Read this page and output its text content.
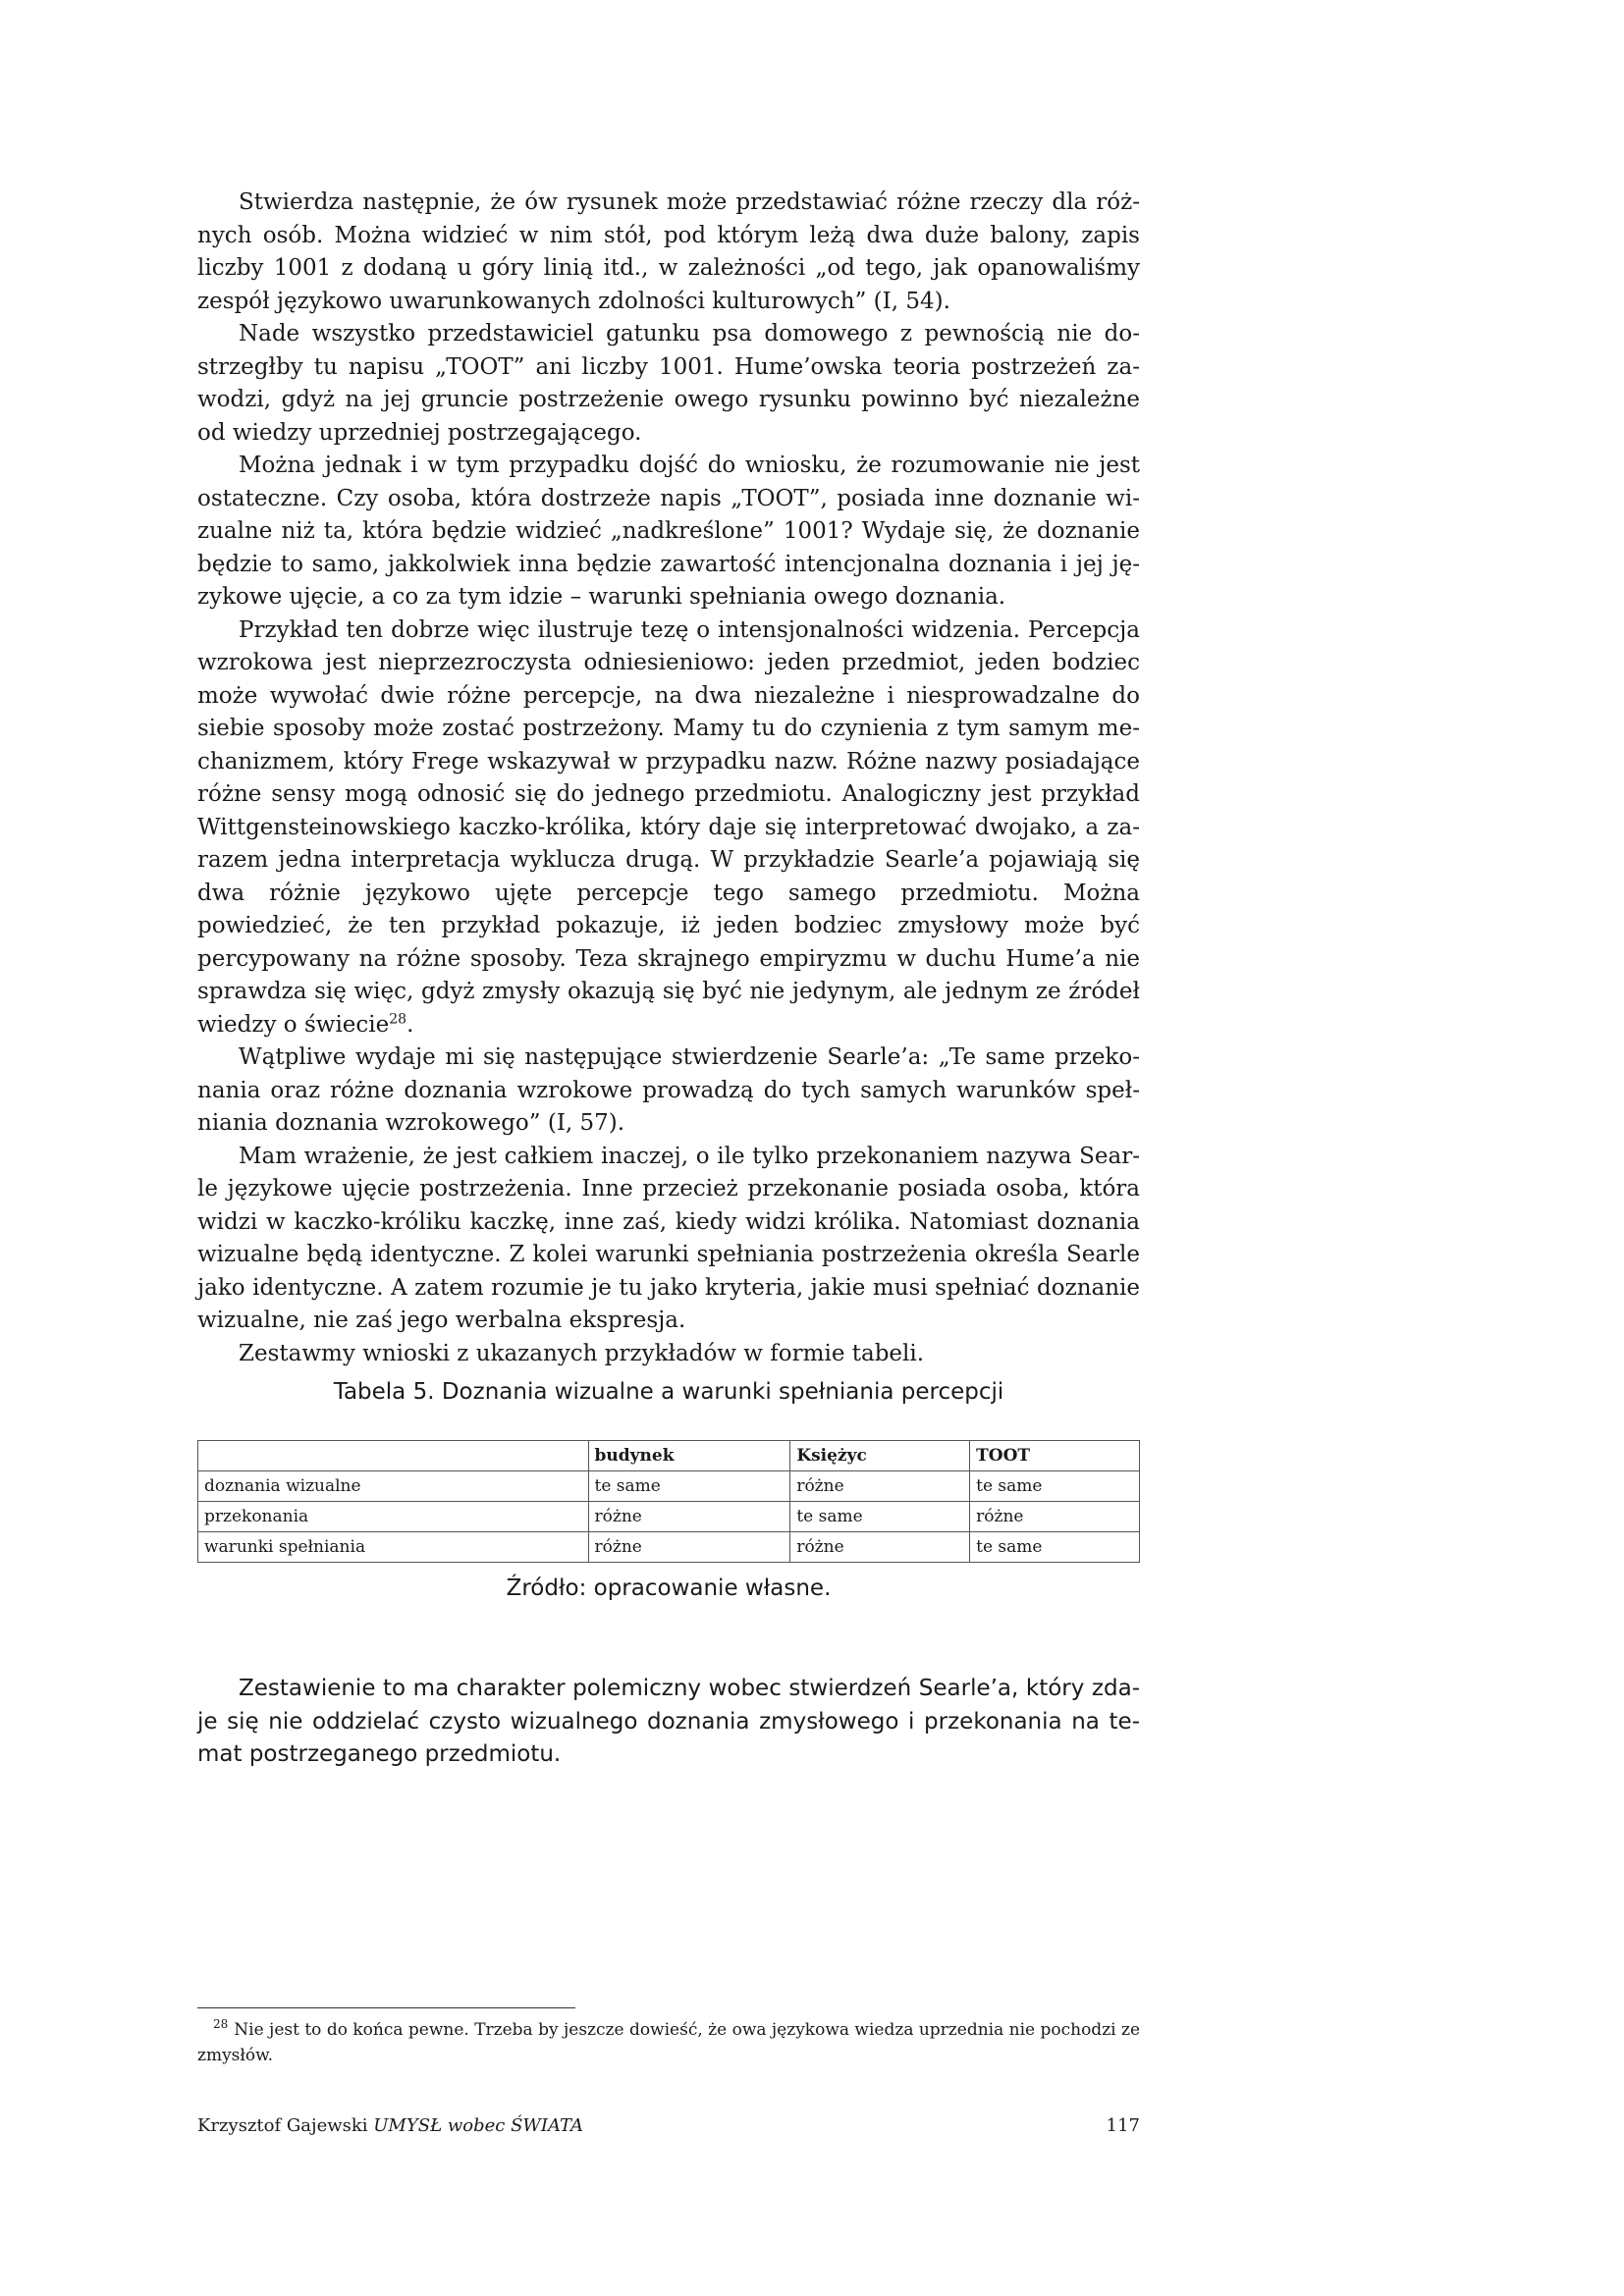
Stwierdza następnie, że ów rysunek może przedstawiać różne rzeczy dla różnych osób. Można widzieć w nim stół, pod którym leżą dwa duże balony, zapis liczby 1001 z dodaną u góry linią itd., w zależności „od tego, jak opanowaliśmy zespół językowo uwarunkowanych zdolności kulturowych” (I, 54).

Nade wszystko przedstawiciel gatunku psa domowego z pewnością nie dostrzegłby tu napisu „TOOT” ani liczby 1001. Hume’owska teoria postrzeżeń zawodzi, gdyż na jej gruncie postrzeżenie owego rysunku powinno być niezależne od wiedzy uprzedniej postrzegającego.

Można jednak i w tym przypadku dojść do wniosku, że rozumowanie nie jest ostateczne. Czy osoba, która dostrzeże napis „TOOT”, posiada inne doznanie wizualne niż ta, która będzie widzieć „nadkreślone” 1001? Wydaje się, że doznanie będzie to samo, jakkolwiek inna będzie zawartość intencjonalna doznania i jej językowe ujęcie, a co za tym idzie – warunki spełniania owego doznania.

Przykład ten dobrze więc ilustruje tezę o intensjonalności widzenia. Percepcja wzrokowa jest nieprzezroczysta odniesieniowo: jeden przedmiot, jeden bodziec może wywołać dwie różne percepcje, na dwa niezależne i niesprowadzalne do siebie sposoby może zostać postrzeżony. Mamy tu do czynienia z tym samym mechanizmem, który Frege wskazywał w przypadku nazw. Różne nazwy posiadające różne sensy mogą odnosić się do jednego przedmiotu. Analogiczny jest przykład Wittgensteinowskiego kaczko-królika, który daje się interpretować dwojako, a zarazem jedna interpretacja wyklucza drugą. W przykładzie Searle’a pojawiają się dwa różnie językowo ujęte percepcje tego samego przedmiotu. Można powiedzieć, że ten przykład pokazuje, iż jeden bodziec zmysłowy może być percypowany na różne sposoby. Teza skrajnego empiryzmu w duchu Hume’a nie sprawdza się więc, gdyż zmysły okazują się być nie jedynym, ale jednym ze źródeł wiedzy o świecie$^{28}$.

Wątpliwe wydaje mi się następujące stwierdzenie Searle’a: „Te same przekonania oraz różne doznania wzrokowe prowadzą do tych samych warunków spełniania doznania wzrokowego” (I, 57).

Mam wrażenie, że jest całkiem inaczej, o ile tylko przekonaniem nazywa Searle językowe ujęcie postrzeżenia. Inne przecież przekonanie posiada osoba, która widzi w kaczko-króliku kaczkę, inne zaś, kiedy widzi królika. Natomiast doznania wizualne będą identyczne. Z kolei warunki spełniania postrzeżenia określa Searle jako identyczne. A zatem rozumie je tu jako kryteria, jakie musi spełniać doznanie wizualne, nie zaś jego werbalna ekspresja.

Zestawmy wnioski z ukazanych przykładów w formie tabeli.

Tabela 5. Doznania wizualne a warunki spełniania percepcji
	budynek	Księżyc	TOOT
doznania wizualne	te same	różne	te same
przekonania	różne	te same	różne
warunki spełniania	różne	różne	te same
Źródło: opracowanie własne.

Zestawienie to ma charakter polemiczny wobec stwierdzeń Searle’a, który zdaje się nie oddzielać czysto wizualnego doznania zmysłowego i przekonania na temat postrzeganego przedmiotu.

$^{28}$ Nie jest to do końca pewne. Trzeba by jeszcze dowieść, że owa językowa wiedza uprzednia nie pochodzi ze zmysłów.
Krzysztof Gajewski UMYSŁ wobec ŚWIATA	117
